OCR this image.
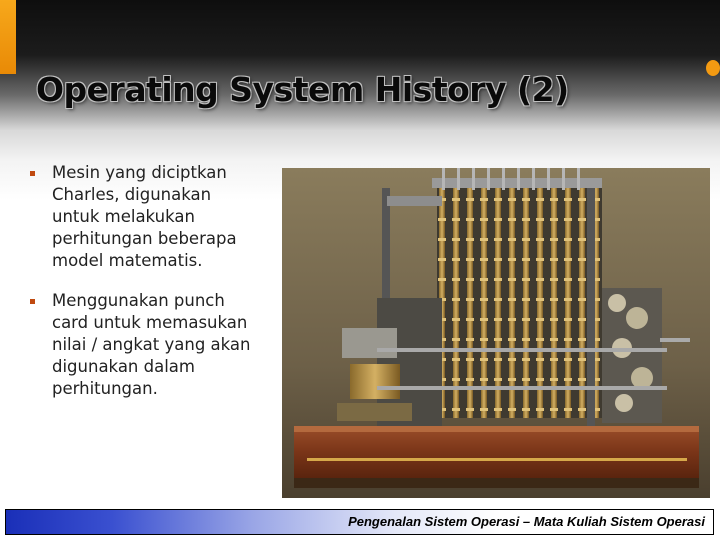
Operating System History (2)
Mesin yang diciptkan Charles, digunakan untuk melakukan perhitungan beberapa model matematis.
Menggunakan punch card untuk memasukan nilai / angkat yang akan digunakan dalam perhitungan.
Pengenalan Sistem Operasi – Mata Kuliah Sistem Operasi
